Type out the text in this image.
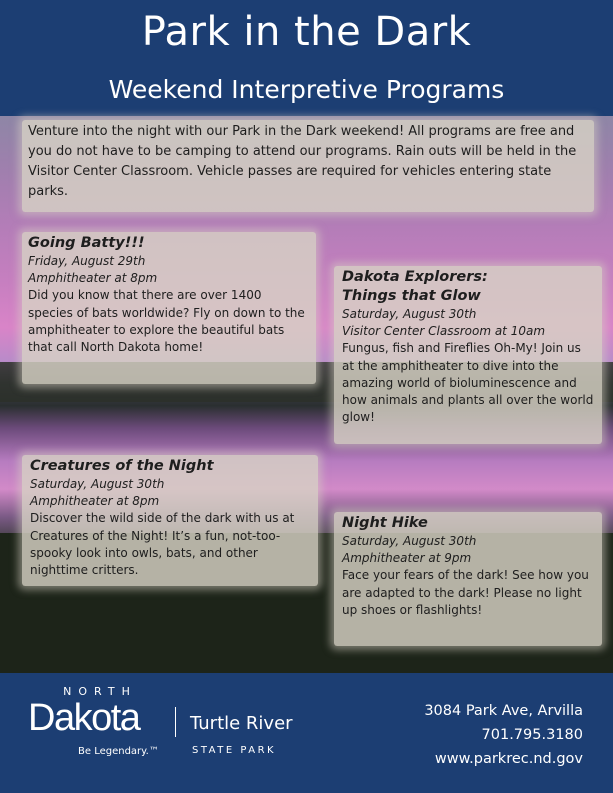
Park in the Dark
Weekend Interpretive Programs
Venture into the night with our Park in the Dark weekend! All programs are free and you do not have to be camping to attend our programs. Rain outs will be held in the Visitor Center Classroom. Vehicle passes are required for vehicles entering state parks.
Going Batty!!!
Friday, August 29th
Amphitheater at 8pm
Did you know that there are over 1400 species of bats worldwide? Fly on down to the amphitheater to explore the beautiful bats that call North Dakota home!
Dakota Explorers:
Things that Glow
Saturday, August 30th
Visitor Center Classroom at 10am
Fungus, fish and Fireflies Oh-My! Join us at the amphitheater to dive into the amazing world of bioluminescence and how animals and plants all over the world glow!
Creatures of the Night
Saturday, August 30th
Amphitheater at 8pm
Discover the wild side of the dark with us at Creatures of the Night! It’s a fun, not-too-spooky look into owls, bats, and other nighttime critters.
Night Hike
Saturday, August 30th
Amphitheater at 9pm
Face your fears of the dark! See how you are adapted to the dark! Please no light up shoes or flashlights!
NORTH
Dakota
Be Legendary.™
Turtle River
STATE PARK
3084 Park Ave, Arvilla
701.795.3180
www.parkrec.nd.gov
